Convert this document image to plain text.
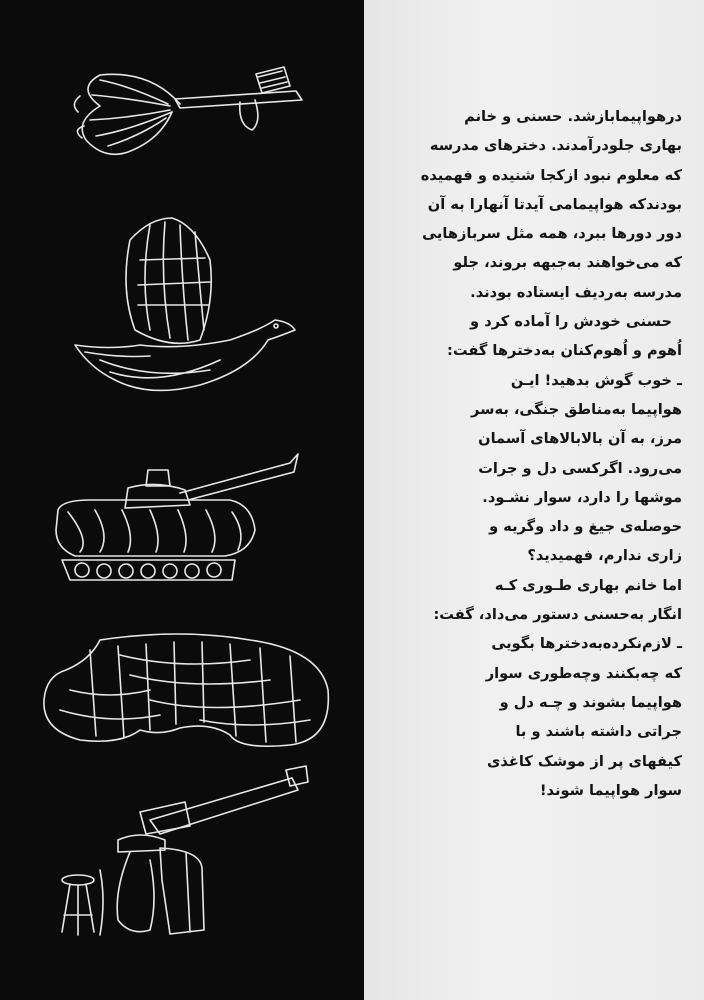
درهواپیمابازشد. حسنی و خانم
بهاری جلودرآمدند. دخترهای مدرسه
که معلوم نبود ازکجا شنیده و فهمیده
بودندکه هواپیمامی آیدتا آنهارا به آن
دور دورها ببرد، همه مثل سربازهایی
که می‌خواهند به‌جبهه بروند، جلو
مدرسه به‌ردیف ایستاده بودند.
حسنی خودش را آماده کرد و
اُهوم و اُهوم‌کنان به‌دخترها گفت:
ـ خوب گوش بدهید! ایـن
هواپیما به‌مناطق جنگی، به‌سر
مرز، به آن بالابالاهای آسمان
می‌رود. اگرکسی دل و جرات
موشها را دارد، سوار نشـود.
حوصله‌ی جیغ و داد وگریه و
زاری ندارم، فهمیدید؟
اما خانم بهاری طـوری کـه
انگار به‌حسنی دستور می‌داد، گفت:
ـ لازم‌نکرده‌به‌دخترها بگویی
که چه‌بکنند وچه‌طوری سوار
هواپیما بشوند و چـه دل و
جراتی داشته باشند و با
کیفهای پر از موشک کاغذی
سوار هواپیما شوند!
